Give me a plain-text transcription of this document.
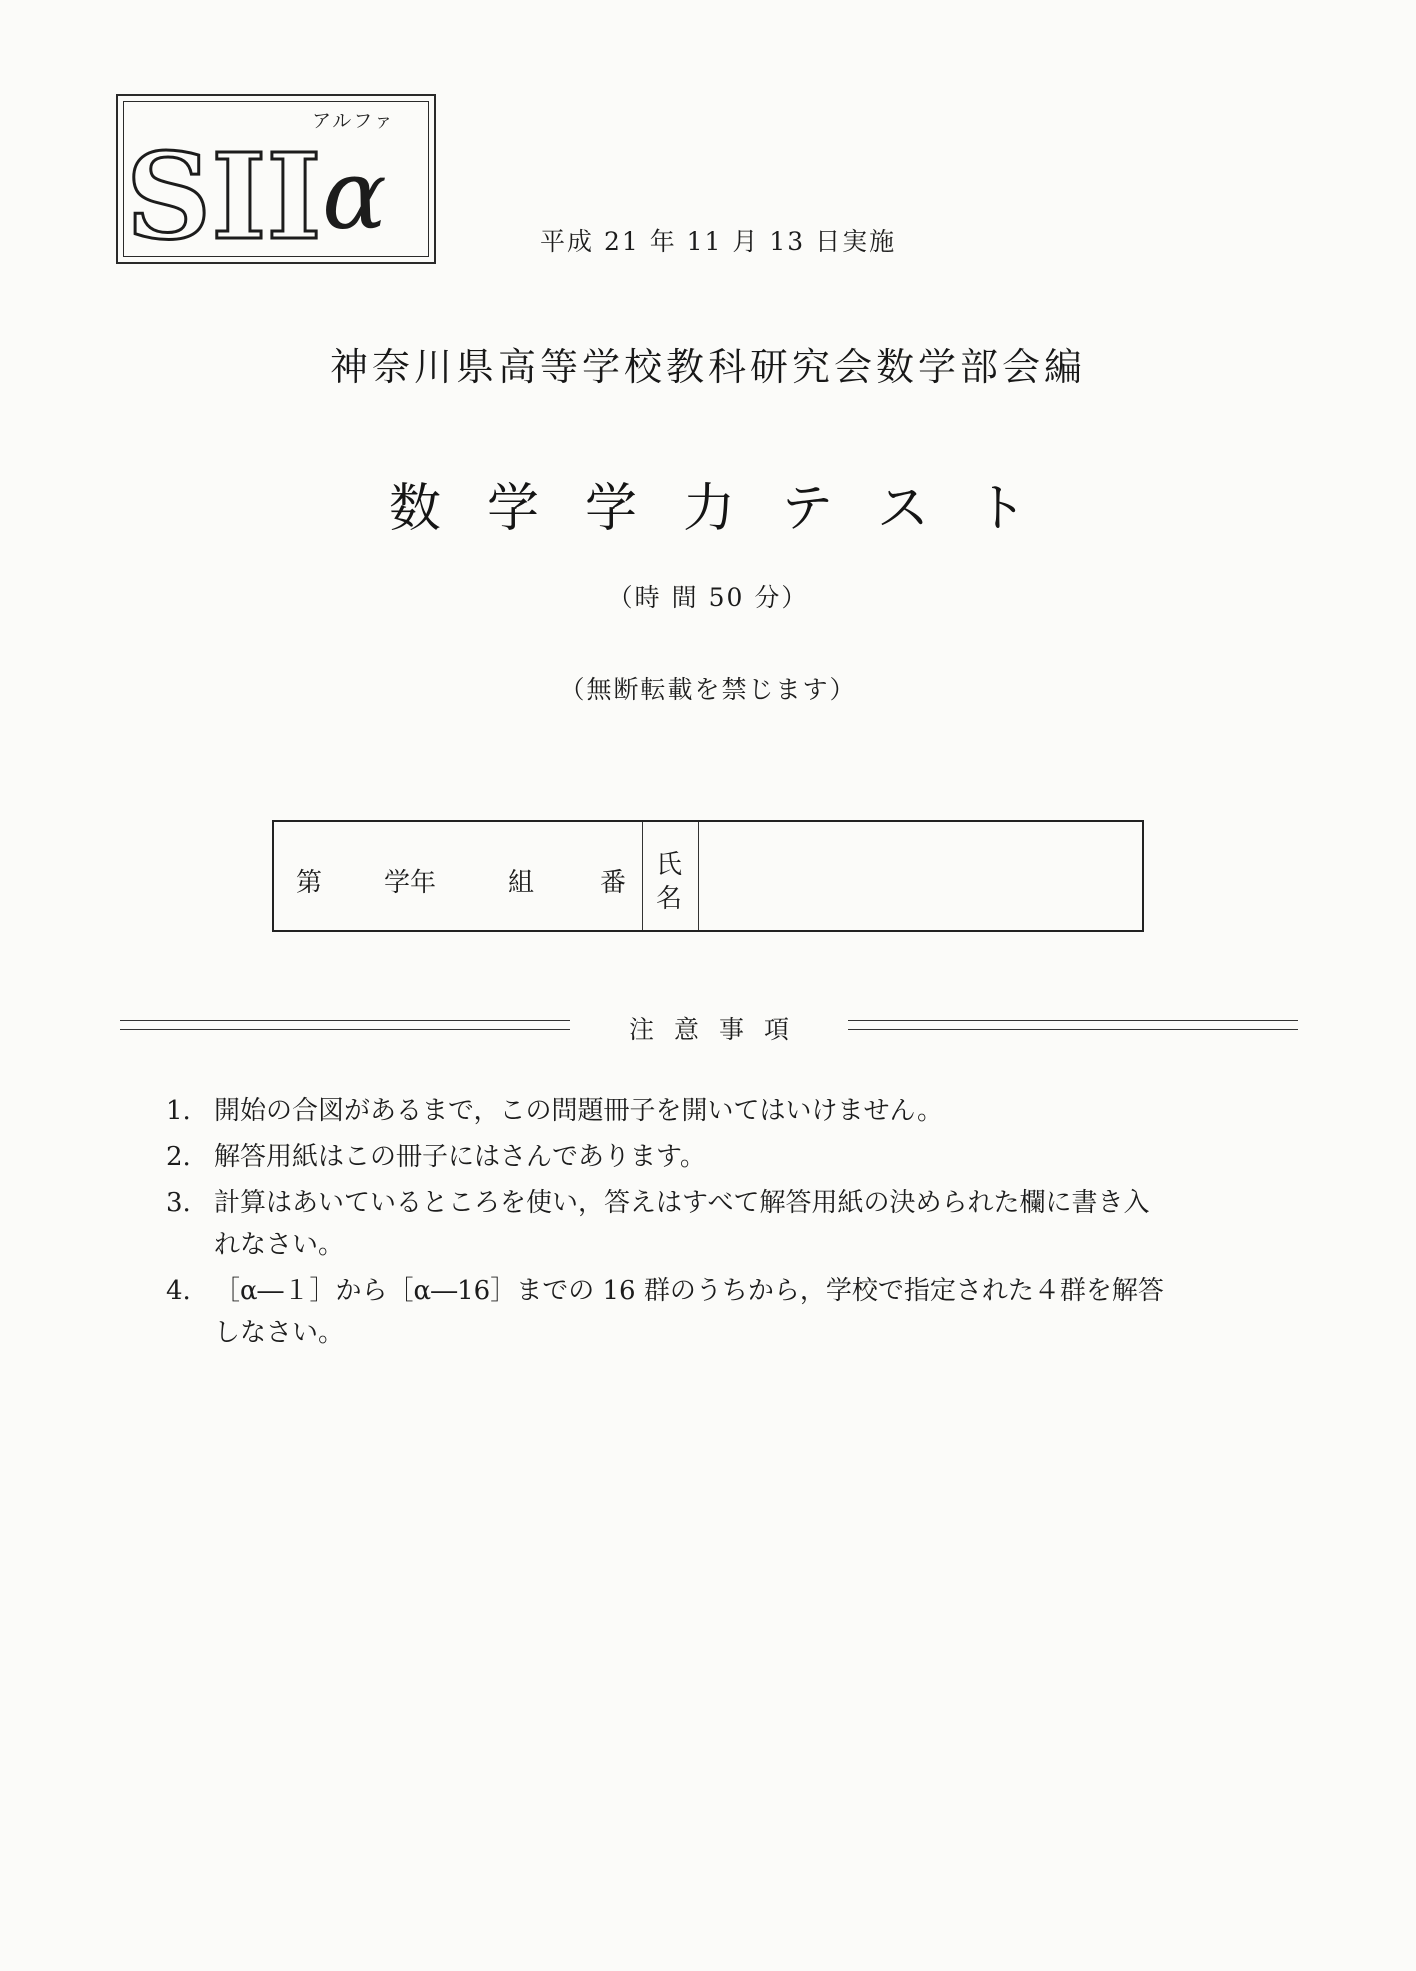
SII α
アルファ
平成 21 年 11 月 13 日実施
神奈川県高等学校教科研究会数学部会編
数学学力テスト
（時 間 50 分）
（無断転載を禁じます）
第 学年	組	番
氏
名
注意事項
1. 開始の合図があるまで，この問題冊子を開いてはいけません。
2. 解答用紙はこの冊子にはさんであります。
3. 計算はあいているところを使い，答えはすべて解答用紙の決められた欄に書き入れなさい。
4. ［α―１］から［α―16］までの 16 群のうちから，学校で指定された４群を解答しなさい。
